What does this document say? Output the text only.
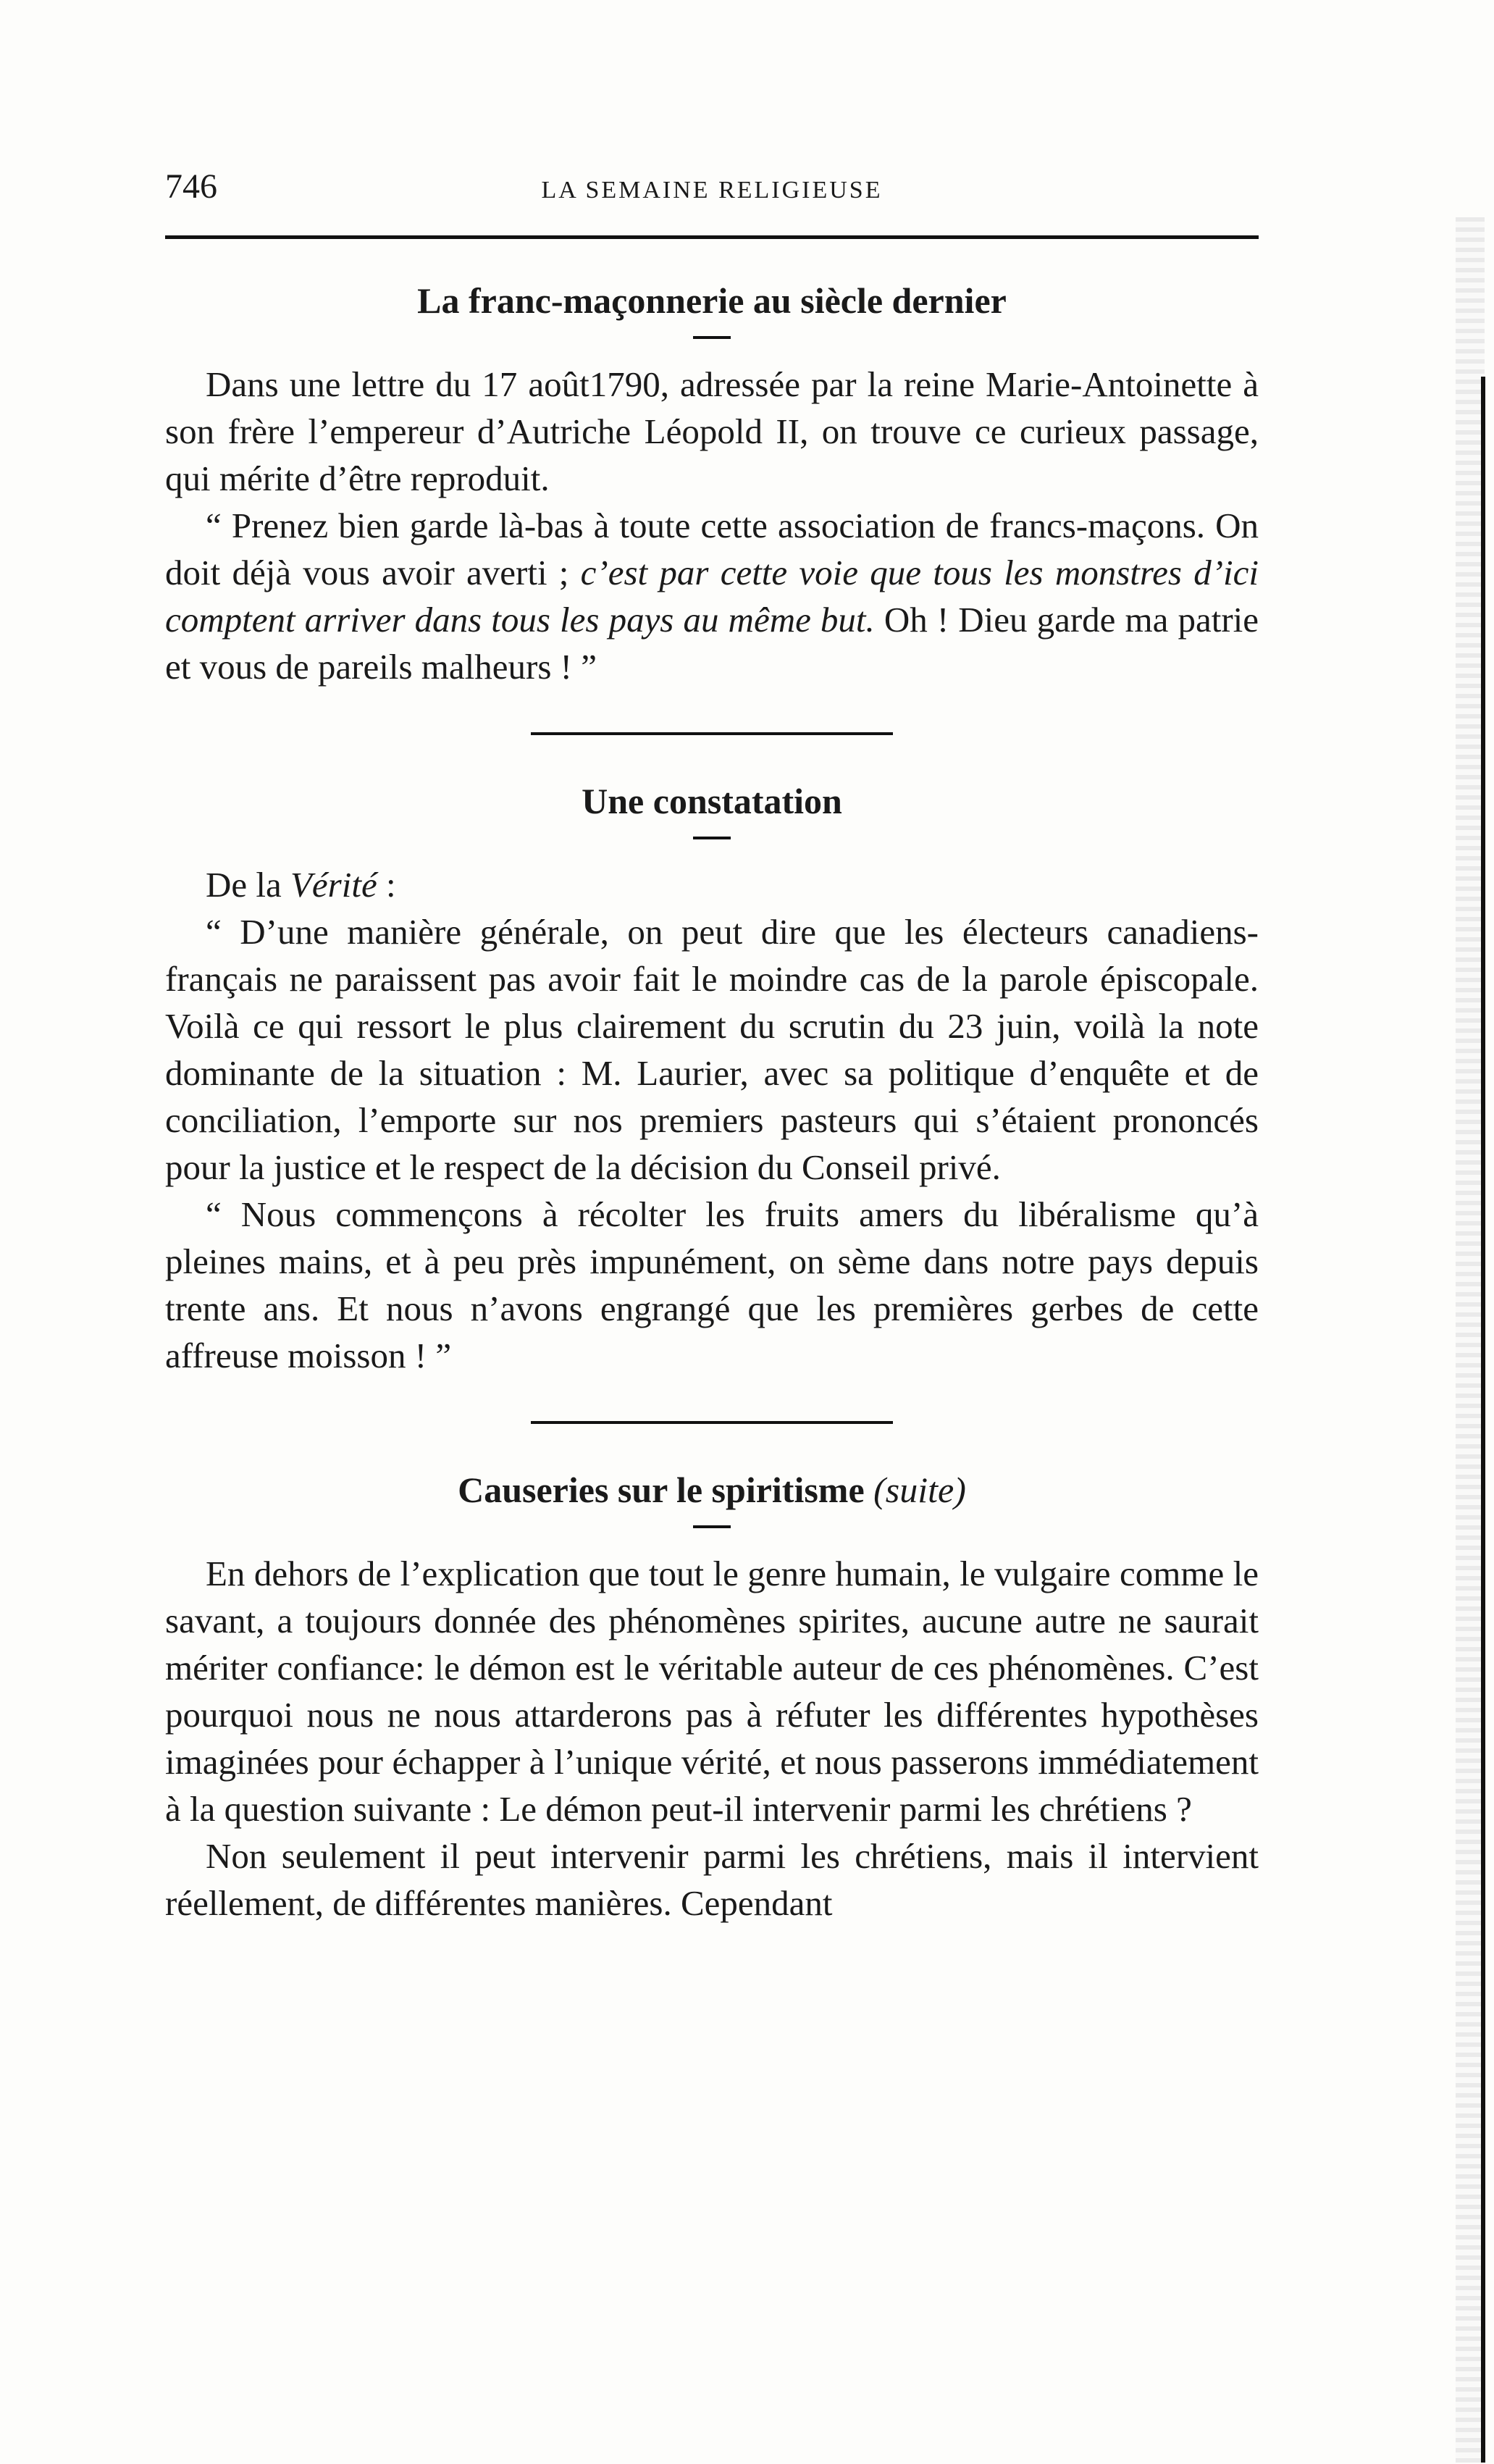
746	LA SEMAINE RELIGIEUSE
La franc-maçonnerie au siècle dernier

Dans une lettre du 17 août1790, adressée par la reine Marie-Antoinette à son frère l’empereur d’Autriche Léopold II, on trouve ce curieux passage, qui mérite d’être reproduit.

“ Prenez bien garde là-bas à toute cette association de francs-maçons. On doit déjà vous avoir averti ; c’est par cette voie que tous les monstres d’ici comptent arriver dans tous les pays au même but. Oh ! Dieu garde ma patrie et vous de pareils malheurs ! ”

Une constatation

De la Vérité :

“ D’une manière générale, on peut dire que les électeurs canadiens-français ne paraissent pas avoir fait le moindre cas de la parole épiscopale. Voilà ce qui ressort le plus clairement du scrutin du 23 juin, voilà la note dominante de la situation : M. Laurier, avec sa politique d’enquête et de conciliation, l’emporte sur nos premiers pasteurs qui s’étaient prononcés pour la justice et le respect de la décision du Conseil privé.

“ Nous commençons à récolter les fruits amers du libéralisme qu’à pleines mains, et à peu près impunément, on sème dans notre pays depuis trente ans. Et nous n’avons engrangé que les premières gerbes de cette affreuse moisson ! ”

Causeries sur le spiritisme (suite)

En dehors de l’explication que tout le genre humain, le vulgaire comme le savant, a toujours donnée des phénomènes spirites, aucune autre ne saurait mériter confiance: le démon est le véritable auteur de ces phénomènes. C’est pourquoi nous ne nous attarderons pas à réfuter les différentes hypothèses imaginées pour échapper à l’unique vérité, et nous passerons immédiatement à la question suivante : Le démon peut-il intervenir parmi les chrétiens ?

Non seulement il peut intervenir parmi les chrétiens, mais il intervient réellement, de différentes manières. Cependant
